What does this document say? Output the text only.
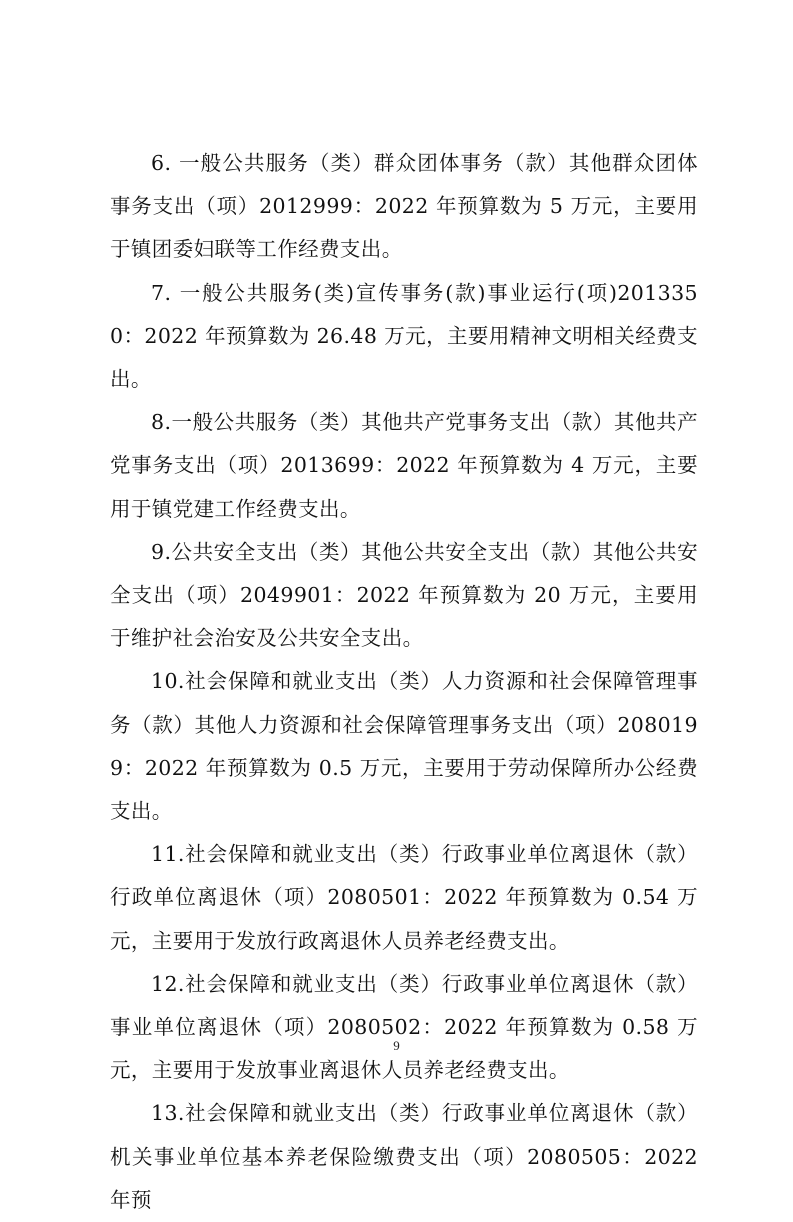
6. 一般公共服务（类）群众团体事务（款）其他群众团体事务支出（项）2012999：2022 年预算数为 5 万元，主要用于镇团委妇联等工作经费支出。

7. 一般公共服务(类)宣传事务(款)事业运行(项)2013350：2022 年预算数为 26.48 万元，主要用精神文明相关经费支出。

8.一般公共服务（类）其他共产党事务支出（款）其他共产党事务支出（项）2013699：2022 年预算数为 4 万元，主要用于镇党建工作经费支出。

9.公共安全支出（类）其他公共安全支出（款）其他公共安全支出（项）2049901：2022 年预算数为 20 万元，主要用于维护社会治安及公共安全支出。

10.社会保障和就业支出（类）人力资源和社会保障管理事务（款）其他人力资源和社会保障管理事务支出（项）2080199：2022 年预算数为 0.5 万元，主要用于劳动保障所办公经费支出。

11.社会保障和就业支出（类）行政事业单位离退休（款）行政单位离退休（项）2080501：2022 年预算数为 0.54 万元，主要用于发放行政离退休人员养老经费支出。

12.社会保障和就业支出（类）行政事业单位离退休（款）事业单位离退休（项）2080502：2022 年预算数为 0.58 万元，主要用于发放事业离退休人员养老经费支出。

13.社会保障和就业支出（类）行政事业单位离退休（款）机关事业单位基本养老保险缴费支出（项）2080505：2022 年预

9
